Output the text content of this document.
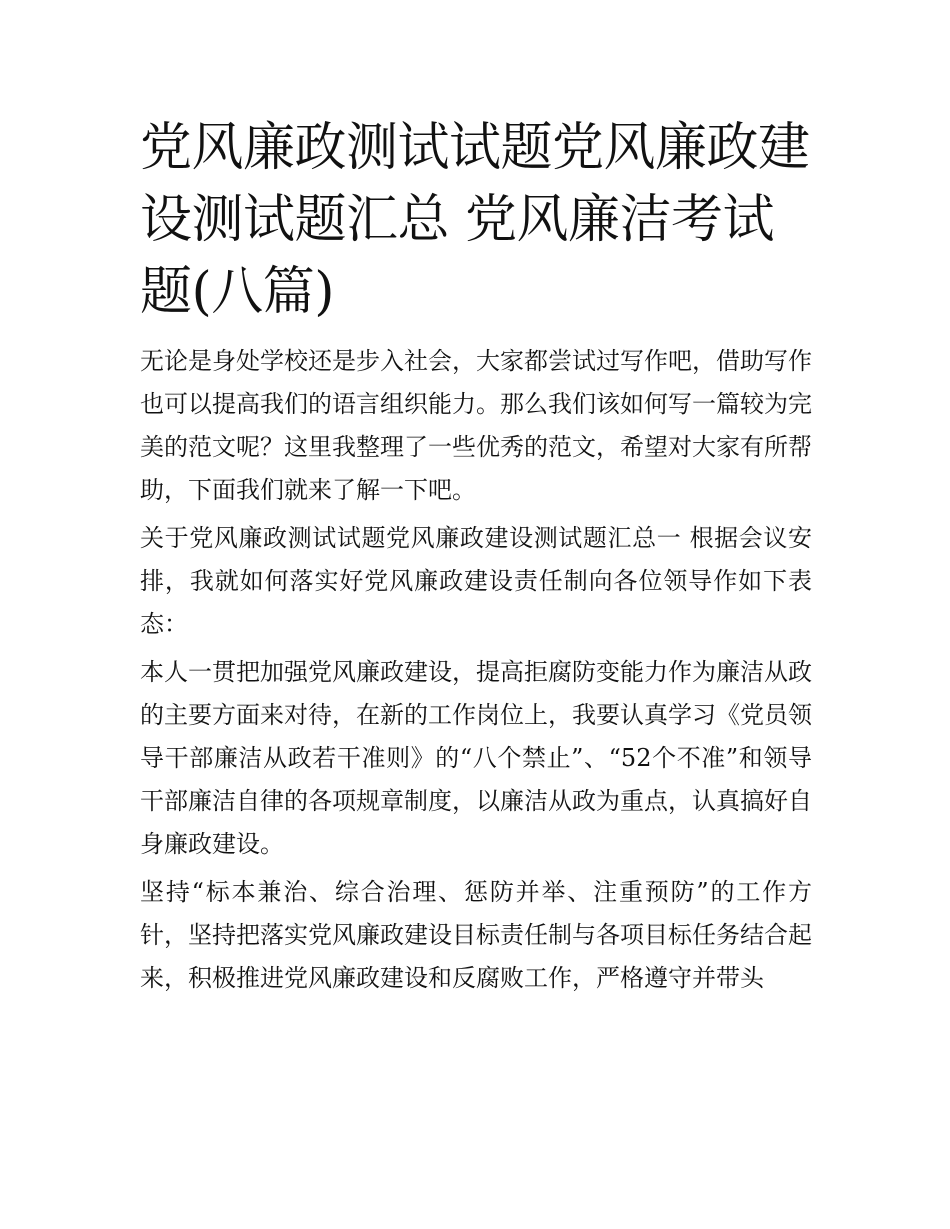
党风廉政测试试题党风廉政建设测试题汇总 党风廉洁考试题(八篇)

无论是身处学校还是步入社会，大家都尝试过写作吧，借助写作也可以提高我们的语言组织能力。那么我们该如何写一篇较为完美的范文呢？这里我整理了一些优秀的范文，希望对大家有所帮助，下面我们就来了解一下吧。

关于党风廉政测试试题党风廉政建设测试题汇总一 根据会议安排，我就如何落实好党风廉政建设责任制向各位领导作如下表态：

本人一贯把加强党风廉政建设，提高拒腐防变能力作为廉洁从政的主要方面来对待，在新的工作岗位上，我要认真学习《党员领导干部廉洁从政若干准则》的“八个禁止”、“52个不准”和领导干部廉洁自律的各项规章制度，以廉洁从政为重点，认真搞好自身廉政建设。

坚持“标本兼治、综合治理、惩防并举、注重预防”的工作方针，坚持把落实党风廉政建设目标责任制与各项目标任务结合起来，积极推进党风廉政建设和反腐败工作，严格遵守并带头
